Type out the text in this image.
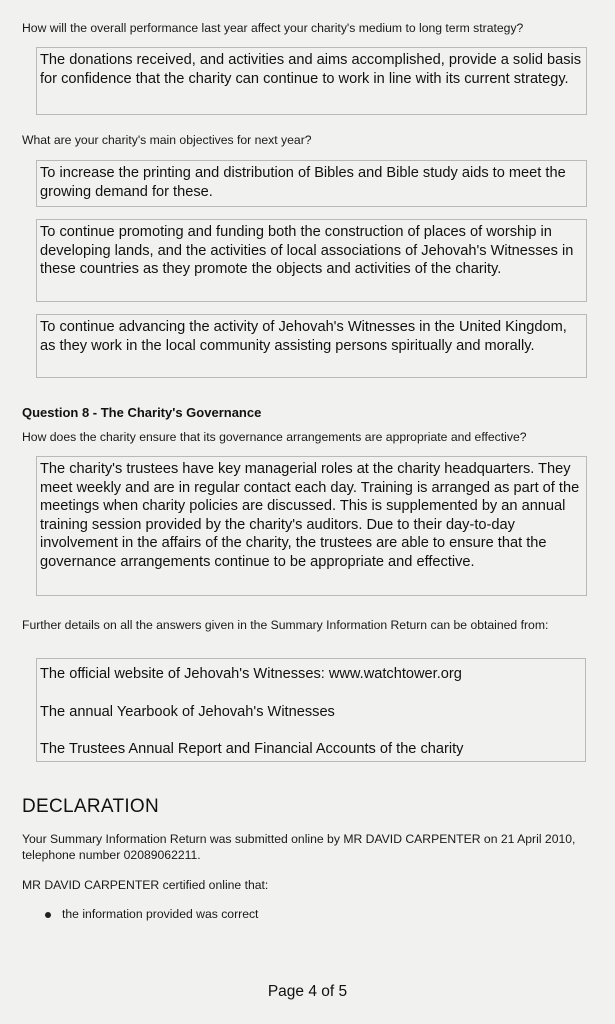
How will the overall performance last year affect your charity's medium to long term strategy?
The donations received, and activities and aims accomplished, provide a solid basis for confidence that the charity can continue to work in line with its current strategy.
What are your charity's main objectives for next year?
To increase the printing and distribution of Bibles and Bible study aids to meet the growing demand for these.
To continue promoting and funding both the construction of places of worship in developing lands, and the activities of local associations of Jehovah's Witnesses in these countries as they promote the objects and activities of the charity.
To continue advancing the activity of Jehovah's Witnesses in the United Kingdom, as they work in the local community assisting persons spiritually and morally.
Question 8 - The Charity's Governance
How does the charity ensure that its governance arrangements are appropriate and effective?
The charity's trustees have key managerial roles at the charity headquarters. They meet weekly and are in regular contact each day. Training is arranged as part of the meetings when charity policies are discussed. This is supplemented by an annual training session provided by the charity's auditors. Due to their day-to-day involvement in the affairs of the charity, the trustees are able to ensure that the governance arrangements continue to be appropriate and effective.
Further details on all the answers given in the Summary Information Return can be obtained from:
The official website of Jehovah's Witnesses: www.watchtower.org
The annual Yearbook of Jehovah's Witnesses
The Trustees Annual Report and Financial Accounts of the charity
DECLARATION
Your Summary Information Return was submitted online by MR DAVID CARPENTER on 21 April 2010, telephone number 02089062211.
MR DAVID CARPENTER certified online that:
the information provided was correct
Page 4 of 5
